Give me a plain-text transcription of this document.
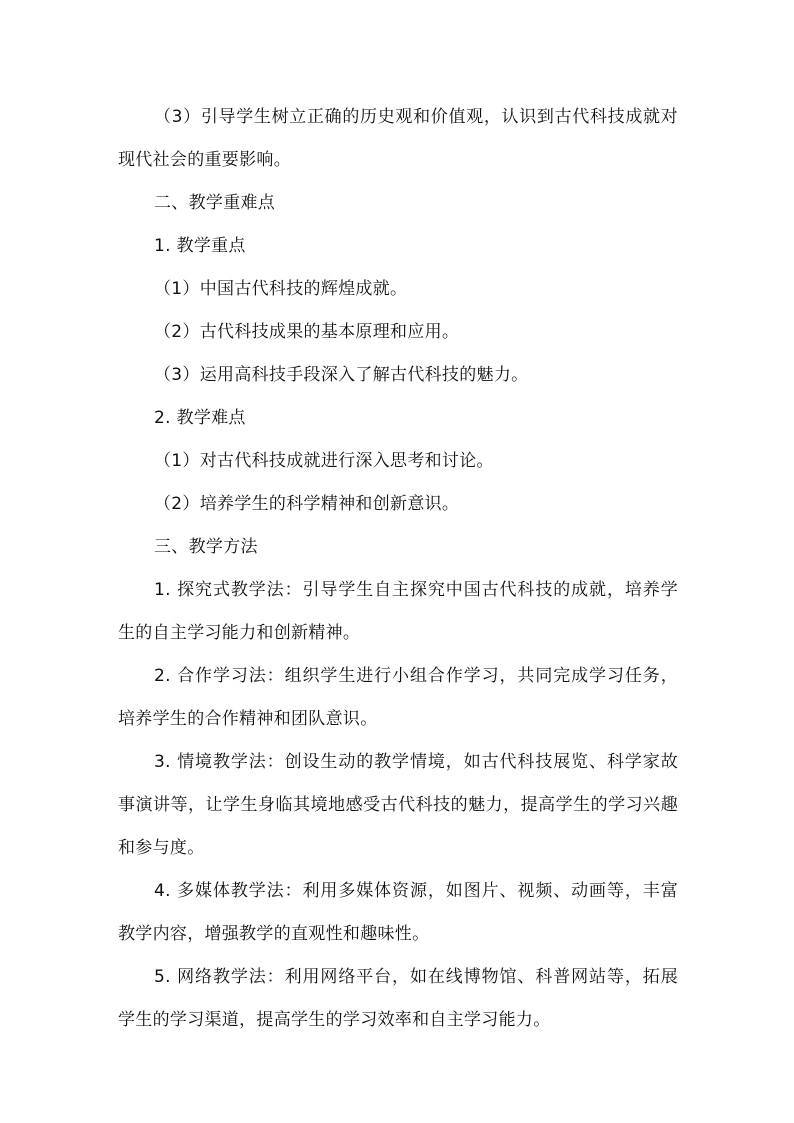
（3）引导学生树立正确的历史观和价值观，认识到古代科技成就对现代社会的重要影响。

二、教学重难点

1. 教学重点

（1）中国古代科技的辉煌成就。

（2）古代科技成果的基本原理和应用。

（3）运用高科技手段深入了解古代科技的魅力。

2. 教学难点

（1）对古代科技成就进行深入思考和讨论。

（2）培养学生的科学精神和创新意识。

三、教学方法

1. 探究式教学法：引导学生自主探究中国古代科技的成就，培养学生的自主学习能力和创新精神。

2. 合作学习法：组织学生进行小组合作学习，共同完成学习任务，培养学生的合作精神和团队意识。

3. 情境教学法：创设生动的教学情境，如古代科技展览、科学家故事演讲等，让学生身临其境地感受古代科技的魅力，提高学生的学习兴趣和参与度。

4. 多媒体教学法：利用多媒体资源，如图片、视频、动画等，丰富教学内容，增强教学的直观性和趣味性。

5. 网络教学法：利用网络平台，如在线博物馆、科普网站等，拓展学生的学习渠道，提高学生的学习效率和自主学习能力。
